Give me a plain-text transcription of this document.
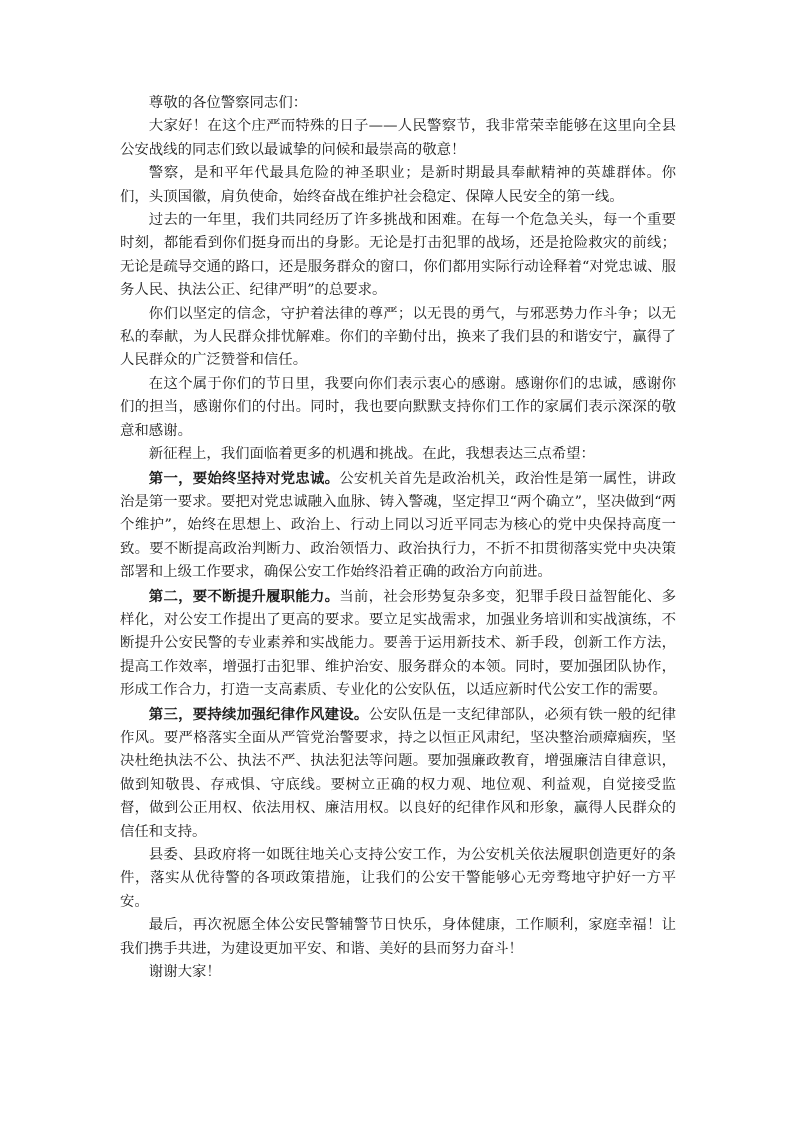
尊敬的各位警察同志们：

大家好！在这个庄严而特殊的日子——人民警察节，我非常荣幸能够在这里向全县公安战线的同志们致以最诚挚的问候和最崇高的敬意！

警察，是和平年代最具危险的神圣职业；是新时期最具奉献精神的英雄群体。你们，头顶国徽，肩负使命，始终奋战在维护社会稳定、保障人民安全的第一线。

过去的一年里，我们共同经历了许多挑战和困难。在每一个危急关头，每一个重要时刻，都能看到你们挺身而出的身影。无论是打击犯罪的战场，还是抢险救灾的前线；无论是疏导交通的路口，还是服务群众的窗口，你们都用实际行动诠释着“对党忠诚、服务人民、执法公正、纪律严明”的总要求。

你们以坚定的信念，守护着法律的尊严；以无畏的勇气，与邪恶势力作斗争；以无私的奉献，为人民群众排忧解难。你们的辛勤付出，换来了我们县的和谐安宁，赢得了人民群众的广泛赞誉和信任。

在这个属于你们的节日里，我要向你们表示衷心的感谢。感谢你们的忠诚，感谢你们的担当，感谢你们的付出。同时，我也要向默默支持你们工作的家属们表示深深的敬意和感谢。

新征程上，我们面临着更多的机遇和挑战。在此，我想表达三点希望：

第一，要始终坚持对党忠诚。公安机关首先是政治机关，政治性是第一属性，讲政治是第一要求。要把对党忠诚融入血脉、铸入警魂，坚定捍卫“两个确立”，坚决做到“两个维护”，始终在思想上、政治上、行动上同以习近平同志为核心的党中央保持高度一致。要不断提高政治判断力、政治领悟力、政治执行力，不折不扣贯彻落实党中央决策部署和上级工作要求，确保公安工作始终沿着正确的政治方向前进。

第二，要不断提升履职能力。当前，社会形势复杂多变，犯罪手段日益智能化、多样化，对公安工作提出了更高的要求。要立足实战需求，加强业务培训和实战演练，不断提升公安民警的专业素养和实战能力。要善于运用新技术、新手段，创新工作方法，提高工作效率，增强打击犯罪、维护治安、服务群众的本领。同时，要加强团队协作，形成工作合力，打造一支高素质、专业化的公安队伍，以适应新时代公安工作的需要。

第三，要持续加强纪律作风建设。公安队伍是一支纪律部队，必须有铁一般的纪律作风。要严格落实全面从严管党治警要求，持之以恒正风肃纪，坚决整治顽瘴痼疾，坚决杜绝执法不公、执法不严、执法犯法等问题。要加强廉政教育，增强廉洁自律意识，做到知敬畏、存戒惧、守底线。要树立正确的权力观、地位观、利益观，自觉接受监督，做到公正用权、依法用权、廉洁用权。以良好的纪律作风和形象，赢得人民群众的信任和支持。

县委、县政府将一如既往地关心支持公安工作，为公安机关依法履职创造更好的条件，落实从优待警的各项政策措施，让我们的公安干警能够心无旁骛地守护好一方平安。

最后，再次祝愿全体公安民警辅警节日快乐，身体健康，工作顺利，家庭幸福！让我们携手共进，为建设更加平安、和谐、美好的县而努力奋斗！

谢谢大家！
